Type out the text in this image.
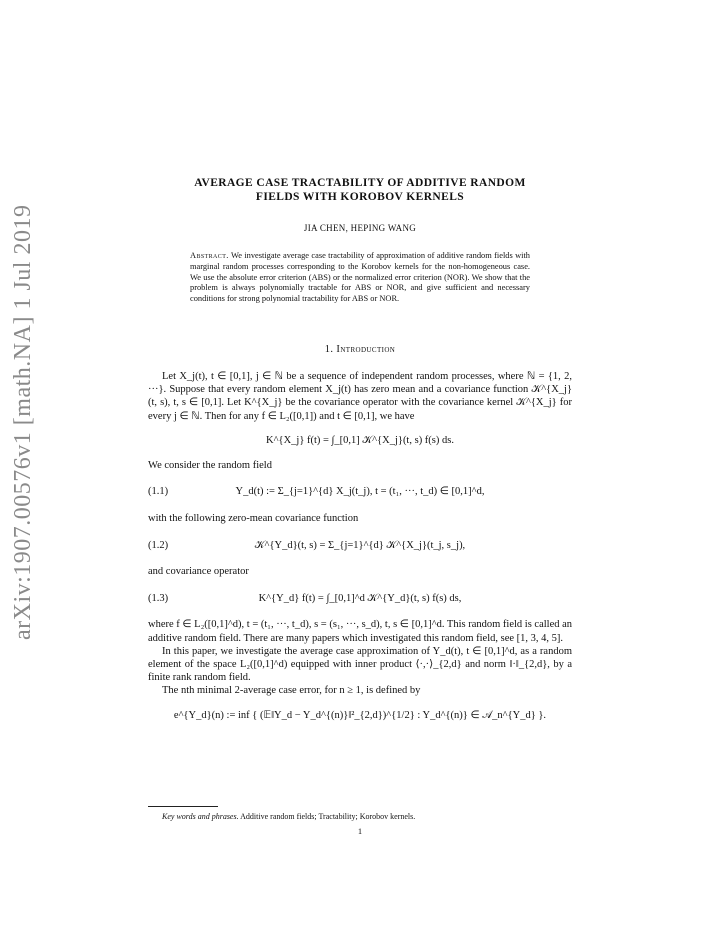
arXiv:1907.00576v1 [math.NA] 1 Jul 2019
AVERAGE CASE TRACTABILITY OF ADDITIVE RANDOM
FIELDS WITH KOROBOV KERNELS
JIA CHEN, HEPING WANG
Abstract. We investigate average case tractability of approximation of additive random fields with marginal random processes corresponding to the Korobov kernels for the non-homogeneous case. We use the absolute error criterion (ABS) or the normalized error criterion (NOR). We show that the problem is always polynomially tractable for ABS or NOR, and give sufficient and necessary conditions for strong polynomial tractability for ABS or NOR.
1. Introduction

Let X_j(t), t ∈ [0,1], j ∈ ℕ be a sequence of independent random processes, where ℕ = {1, 2, ···}. Suppose that every random element X_j(t) has zero mean and a covariance function 𝒦^{X_j}(t, s), t, s ∈ [0,1]. Let K^{X_j} be the covariance operator with the covariance kernel 𝒦^{X_j} for every j ∈ ℕ. Then for any f ∈ L₂([0,1]) and t ∈ [0,1], we have

K^{X_j} f(t) = ∫_[0,1] 𝒦^{X_j}(t, s) f(s) ds.

We consider the random field

(1.1)	Y_d(t) := Σ_{j=1}^{d} X_j(t_j), t = (t₁, ···, t_d) ∈ [0,1]^d,

with the following zero-mean covariance function

(1.2)	𝒦^{Y_d}(t, s) = Σ_{j=1}^{d} 𝒦^{X_j}(t_j, s_j),

and covariance operator

(1.3)	K^{Y_d} f(t) = ∫_[0,1]^d 𝒦^{Y_d}(t, s) f(s) ds,

where f ∈ L₂([0,1]^d), t = (t₁, ···, t_d), s = (s₁, ···, s_d), t, s ∈ [0,1]^d. This random field is called an additive random field. There are many papers which investigated this random field, see [1, 3, 4, 5].

In this paper, we investigate the average case approximation of Y_d(t), t ∈ [0,1]^d, as a random element of the space L₂([0,1]^d) equipped with inner product ⟨·,·⟩_{2,d} and norm ‖·‖_{2,d}, by a finite rank random field.

The nth minimal 2-average case error, for n ≥ 1, is defined by

e^{Y_d}(n) := inf { (𝔼‖Y_d − Y_d^{(n)}‖²_{2,d})^{1/2} : Y_d^{(n)} ∈ 𝒜_n^{Y_d} }.
Key words and phrases. Additive random fields; Tractability; Korobov kernels.
1
